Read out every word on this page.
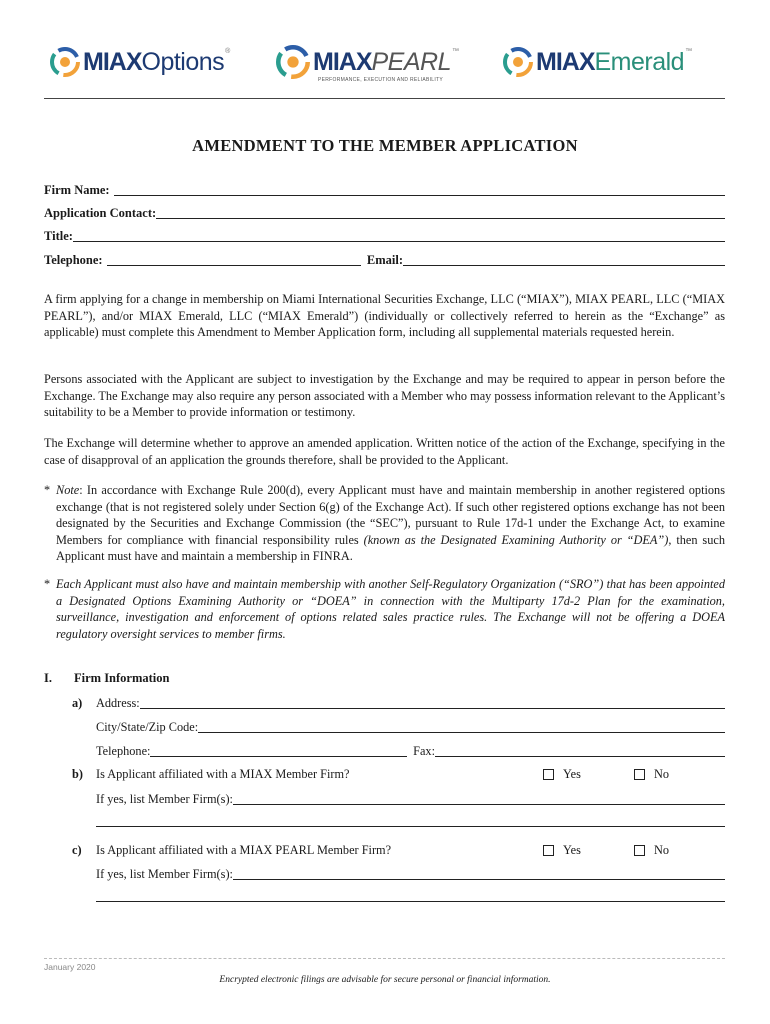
MIAXOptions®	MIAXPEARL™
PERFORMANCE, EXECUTION AND RELIABILITY
MIAXEmerald™
AMENDMENT TO THE MEMBER APPLICATION
Firm Name:
Application Contact:
Title:
Telephone:	Email:

A firm applying for a change in membership on Miami International Securities Exchange, LLC (“MIAX”), MIAX PEARL, LLC (“MIAX PEARL”), and/or MIAX Emerald, LLC (“MIAX Emerald”) (individually or collectively referred to herein as the “Exchange” as applicable) must complete this Amendment to Member Application form, including all supplemental materials requested herein.

Persons associated with the Applicant are subject to investigation by the Exchange and may be required to appear in person before the Exchange. The Exchange may also require any person associated with a Member who may possess information relevant to the Applicant’s suitability to be a Member to provide information or testimony.

The Exchange will determine whether to approve an amended application. Written notice of the action of the Exchange, specifying in the case of disapproval of an application the grounds therefore, shall be provided to the Applicant.

* Note: In accordance with Exchange Rule 200(d), every Applicant must have and maintain membership in another registered options exchange (that is not registered solely under Section 6(g) of the Exchange Act). If such other registered options exchange has not been designated by the Securities and Exchange Commission (the “SEC”), pursuant to Rule 17d-1 under the Exchange Act, to examine Members for compliance with financial responsibility rules (known as the Designated Examining Authority or “DEA”), then such Applicant must have and maintain a membership in FINRA.
* Each Applicant must also have and maintain membership with another Self-Regulatory Organization (“SRO”) that has been appointed a Designated Options Examining Authority or “DOEA” in connection with the Multiparty 17d-2 Plan for the examination, surveillance, investigation and enforcement of options related sales practice rules. The Exchange will not be offering a DOEA regulatory oversight services to member firms.
I.	Firm Information
a) Address:
City/State/Zip Code:
Telephone:	Fax:
b) Is Applicant affiliated with a MIAX Member Firm?	Yes	No
If yes, list Member Firm(s):
c) Is Applicant affiliated with a MIAX PEARL Member Firm?	Yes	No
If yes, list Member Firm(s):
January 2020
Encrypted electronic filings are advisable for secure personal or financial information.
